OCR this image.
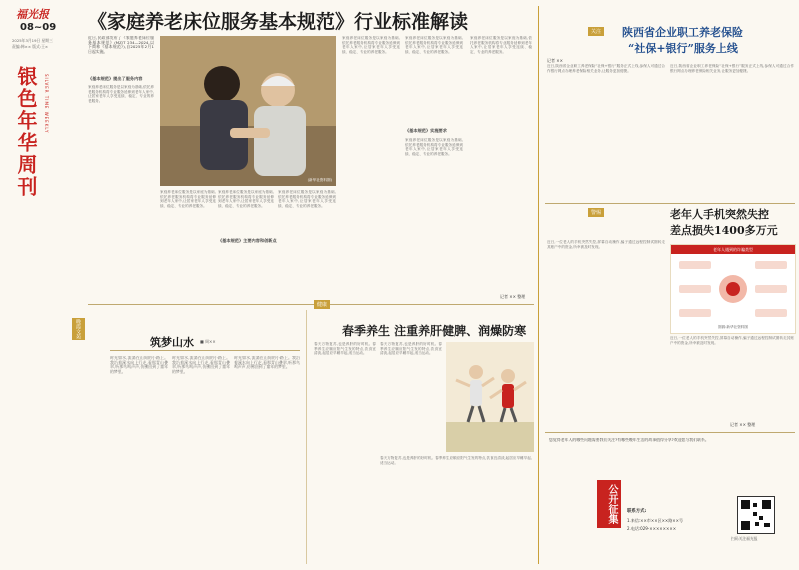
福光报
08~09
2025年3月19日 星期三
责编:韩×× 版式:王×
银色年华周刊 SILVER TIME WEEKLY
《家庭养老床位服务基本规范》行业标准解读
近日,民政部发布了《家庭养老床位服务基本规范》(MZ/T 234—2024,以下简称《基本规范》),自2025年2月1日起实施。
《基本规范》提出了服务内容
家庭养老床位服务是以家庭为基础,依托养老服务机构将专业服务延伸到老年人家中,让居家老年人享受连续、稳定、专业的养老服务。
(新华社资料图)
家庭养老床位服务是以家庭为基础,依托养老服务机构将专业服务延伸到老年人家中,让居家老年人享受连续、稳定、专业的养老服务。
《基本规范》主要内容和创新点
家庭养老床位服务是以家庭为基础,依托养老服务机构将专业服务延伸到老年人家中,让居家老年人享受连续、稳定、专业的养老服务。
家庭养老床位服务是以家庭为基础,依托养老服务机构将专业服务延伸到老年人家中,让居家老年人享受连续、稳定、专业的养老服务。
家庭养老床位服务是以家庭为基础,依托养老服务机构将专业服务延伸到老年人家中,让居家老年人享受连续、稳定、专业的养老服务。
《基本规范》实施要求
家庭养老床位服务是以家庭为基础,依托养老服务机构将专业服务延伸到老年人家中,让居家老年人享受连续、稳定、专业的养老服务。
家庭养老床位服务是以家庭为基础,依托养老服务机构将专业服务延伸到老年人家中,让居家老年人享受连续、稳定、专业的养老服务。
家庭养老床位服务是以家庭为基础,依托养老服务机构将专业服务延伸到老年人家中,让居家老年人享受连续、稳定、专业的养老服务。
记者 ×× 整理
晚霞文苑
筑梦山水 ■ 周××
时光如水,流淌在山间的小路上。我沿着溪水向上行走,看那青山叠翠,听那鸟鸣声声,仿佛回到了童年的梦里。
时光如水,流淌在山间的小路上。我沿着溪水向上行走,看那青山叠翠,听那鸟鸣声声,仿佛回到了童年的梦里。
时光如水,流淌在山间的小路上。我沿着溪水向上行走,看那青山叠翠,听那鸟鸣声声,仿佛回到了童年的梦里。
健康
春季养生 注重养肝健脾、润燥防寒
春天万物复苏,也是养肝的好时机。春季养生应顺应阳气生发的特点,饮食宜清淡,起居应早睡早起,适当运动。
春天万物复苏,也是养肝的好时机。春季养生应顺应阳气生发的特点,饮食宜清淡,起居应早睡早起,适当运动。
春天万物复苏,也是养肝的好时机。春季养生应顺应阳气生发的特点,饮食宜清淡,起居应早睡早起,适当运动。
关注 陕西省企业职工养老保险
“社保+银行”服务上线
记者 ××
近日,陕西省企业职工养老保险“社保+银行”服务正式上线,参保人可通过合作银行网点办理养老保险相关业务,让服务更加便捷。
近日,陕西省企业职工养老保险“社保+银行”服务正式上线,参保人可通过合作银行网点办理养老保险相关业务,让服务更加便捷。
警惕	老年人手机突然失控
差点损失1400多万元
近日,一位老人的手机突然失控,屏幕自动操作,骗子通过远程控制试图转走其账户中的资金,所幸被及时发现。
老年人遇到的诈骗类型
图源:新华社资料图
近日,一位老人的手机突然失控,屏幕自动操作,骗子通过远程控制试图转走其账户中的资金,所幸被及时发现。
记者 ×× 整理
您觉得老年人的哪些问题需要我们关注?有哪些晚年生活的故事值得分享?欢迎您与我们联系。
公开征集	联系方式:
1.来信:××市××区××路××号
2.电话:029-××××××××
扫码关注福光报
